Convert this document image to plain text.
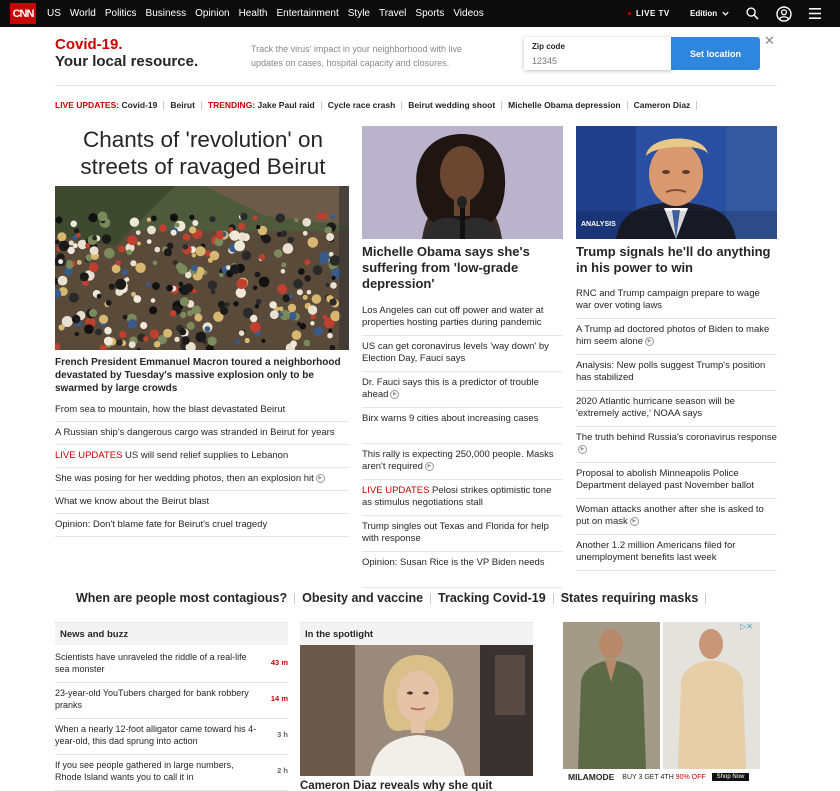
CNN US World Politics Business Opinion Health Entertainment Style Travel Sports Videos	LIVE TV	Edition
Covid-19.
Your local resource.
Track the virus' impact in your neighborhood with live updates on cases, hospital capacity and closures.
Zip code
12345
Set location
✕
LIVE UPDATES:
Covid-19 Beirut TRENDING:
Jake Paul raid Cycle race crash Beirut wedding shoot Michelle Obama depression Cameron Diaz
Chants of 'revolution' on streets of ravaged Beirut
French President Emmanuel Macron toured a neighborhood devastated by Tuesday's massive explosion only to be swarmed by large crowds
From sea to mountain, how the blast devastated Beirut
A Russian ship's dangerous cargo was stranded in Beirut for years
LIVE UPDATES US will send relief supplies to Lebanon
She was posing for her wedding photos, then an explosion hit ▶
What we know about the Beirut blast
Opinion: Don't blame fate for Beirut's cruel tragedy
Michelle Obama says she's suffering from 'low-grade depression'
Los Angeles can cut off power and water at properties hosting parties during pandemic
US can get coronavirus levels 'way down' by Election Day, Fauci says
Dr. Fauci says this is a predictor of trouble ahead ▶
Birx warns 9 cities about increasing cases
This rally is expecting 250,000 people. Masks aren't required ▶
LIVE UPDATES Pelosi strikes optimistic tone as stimulus negotiations stall
Trump singles out Texas and Florida for help with response
Opinion: Susan Rice is the VP Biden needs
ANALYSIS
Trump signals he'll do anything in his power to win
RNC and Trump campaign prepare to wage war over voting laws
A Trump ad doctored photos of Biden to make him seem alone ▶
Analysis: New polls suggest Trump's position has stabilized
2020 Atlantic hurricane season will be 'extremely active,' NOAA says
The truth behind Russia's coronavirus response▶
Proposal to abolish Minneapolis Police Department delayed past November ballot
Woman attacks another after she is asked to put on mask ▶
Another 1.2 million Americans filed for unemployment benefits last week
When are people most contagious? Obesity and vaccine Tracking Covid-19 States requiring masks
News and buzz
Scientists have unraveled the riddle of a real-life sea monster
43 m
23-year-old YouTubers charged for bank robbery pranks
14 m
When a nearly 12-foot alligator came toward his 4-year-old, this dad sprung into action
3 h
If you see people gathered in large numbers, Rhode Island wants you to call it in
2 h
In the spotlight
Cameron Diaz reveals why she quit
▷✕
MILAMODE BUY 3 GET 4TH
90% OFF	Shop Now
